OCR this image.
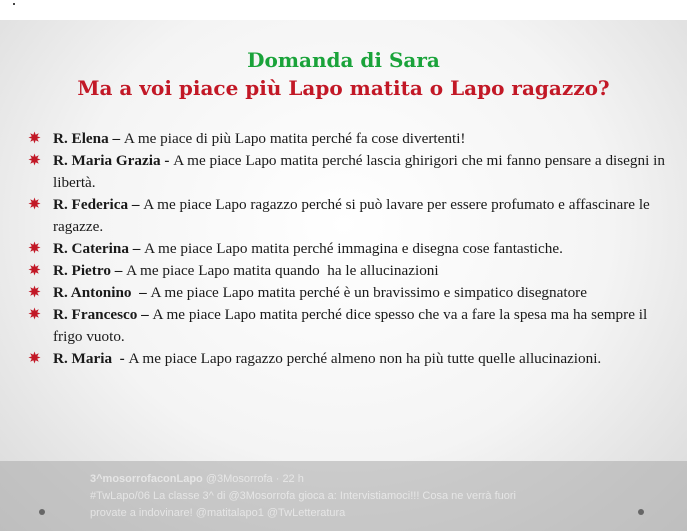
Domanda di Sara
Ma a voi piace più Lapo matita o Lapo ragazzo?
R. Elena – A me piace di più Lapo matita perché fa cose divertenti!
R. Maria Grazia - A me piace Lapo matita perché lascia ghirigori che mi fanno pensare a disegni in libertà.
R. Federica – A me piace Lapo ragazzo perché si può lavare per essere profumato e affascinare le ragazze.
R. Caterina – A me piace Lapo matita perché immagina e disegna cose fantastiche.
R. Pietro – A me piace Lapo matita quando  ha le allucinazioni
R. Antonino  – A me piace Lapo matita perché è un bravissimo e simpatico disegnatore
R. Francesco – A me piace Lapo matita perché dice spesso che va a fare la spesa ma ha sempre il frigo vuoto.
R. Maria  - A me piace Lapo ragazzo perché almeno non ha più tutte quelle allucinazioni.
3^mosorrofaconLapo @3Mosorrofa · 22 h
#TwLapo/06 La classe 3^ di @3Mosorrofa gioca a: Intervistiamoci!!! Cosa ne verrà fuori
provate a indovinare! @matitalapo1 @TwLetteratura
